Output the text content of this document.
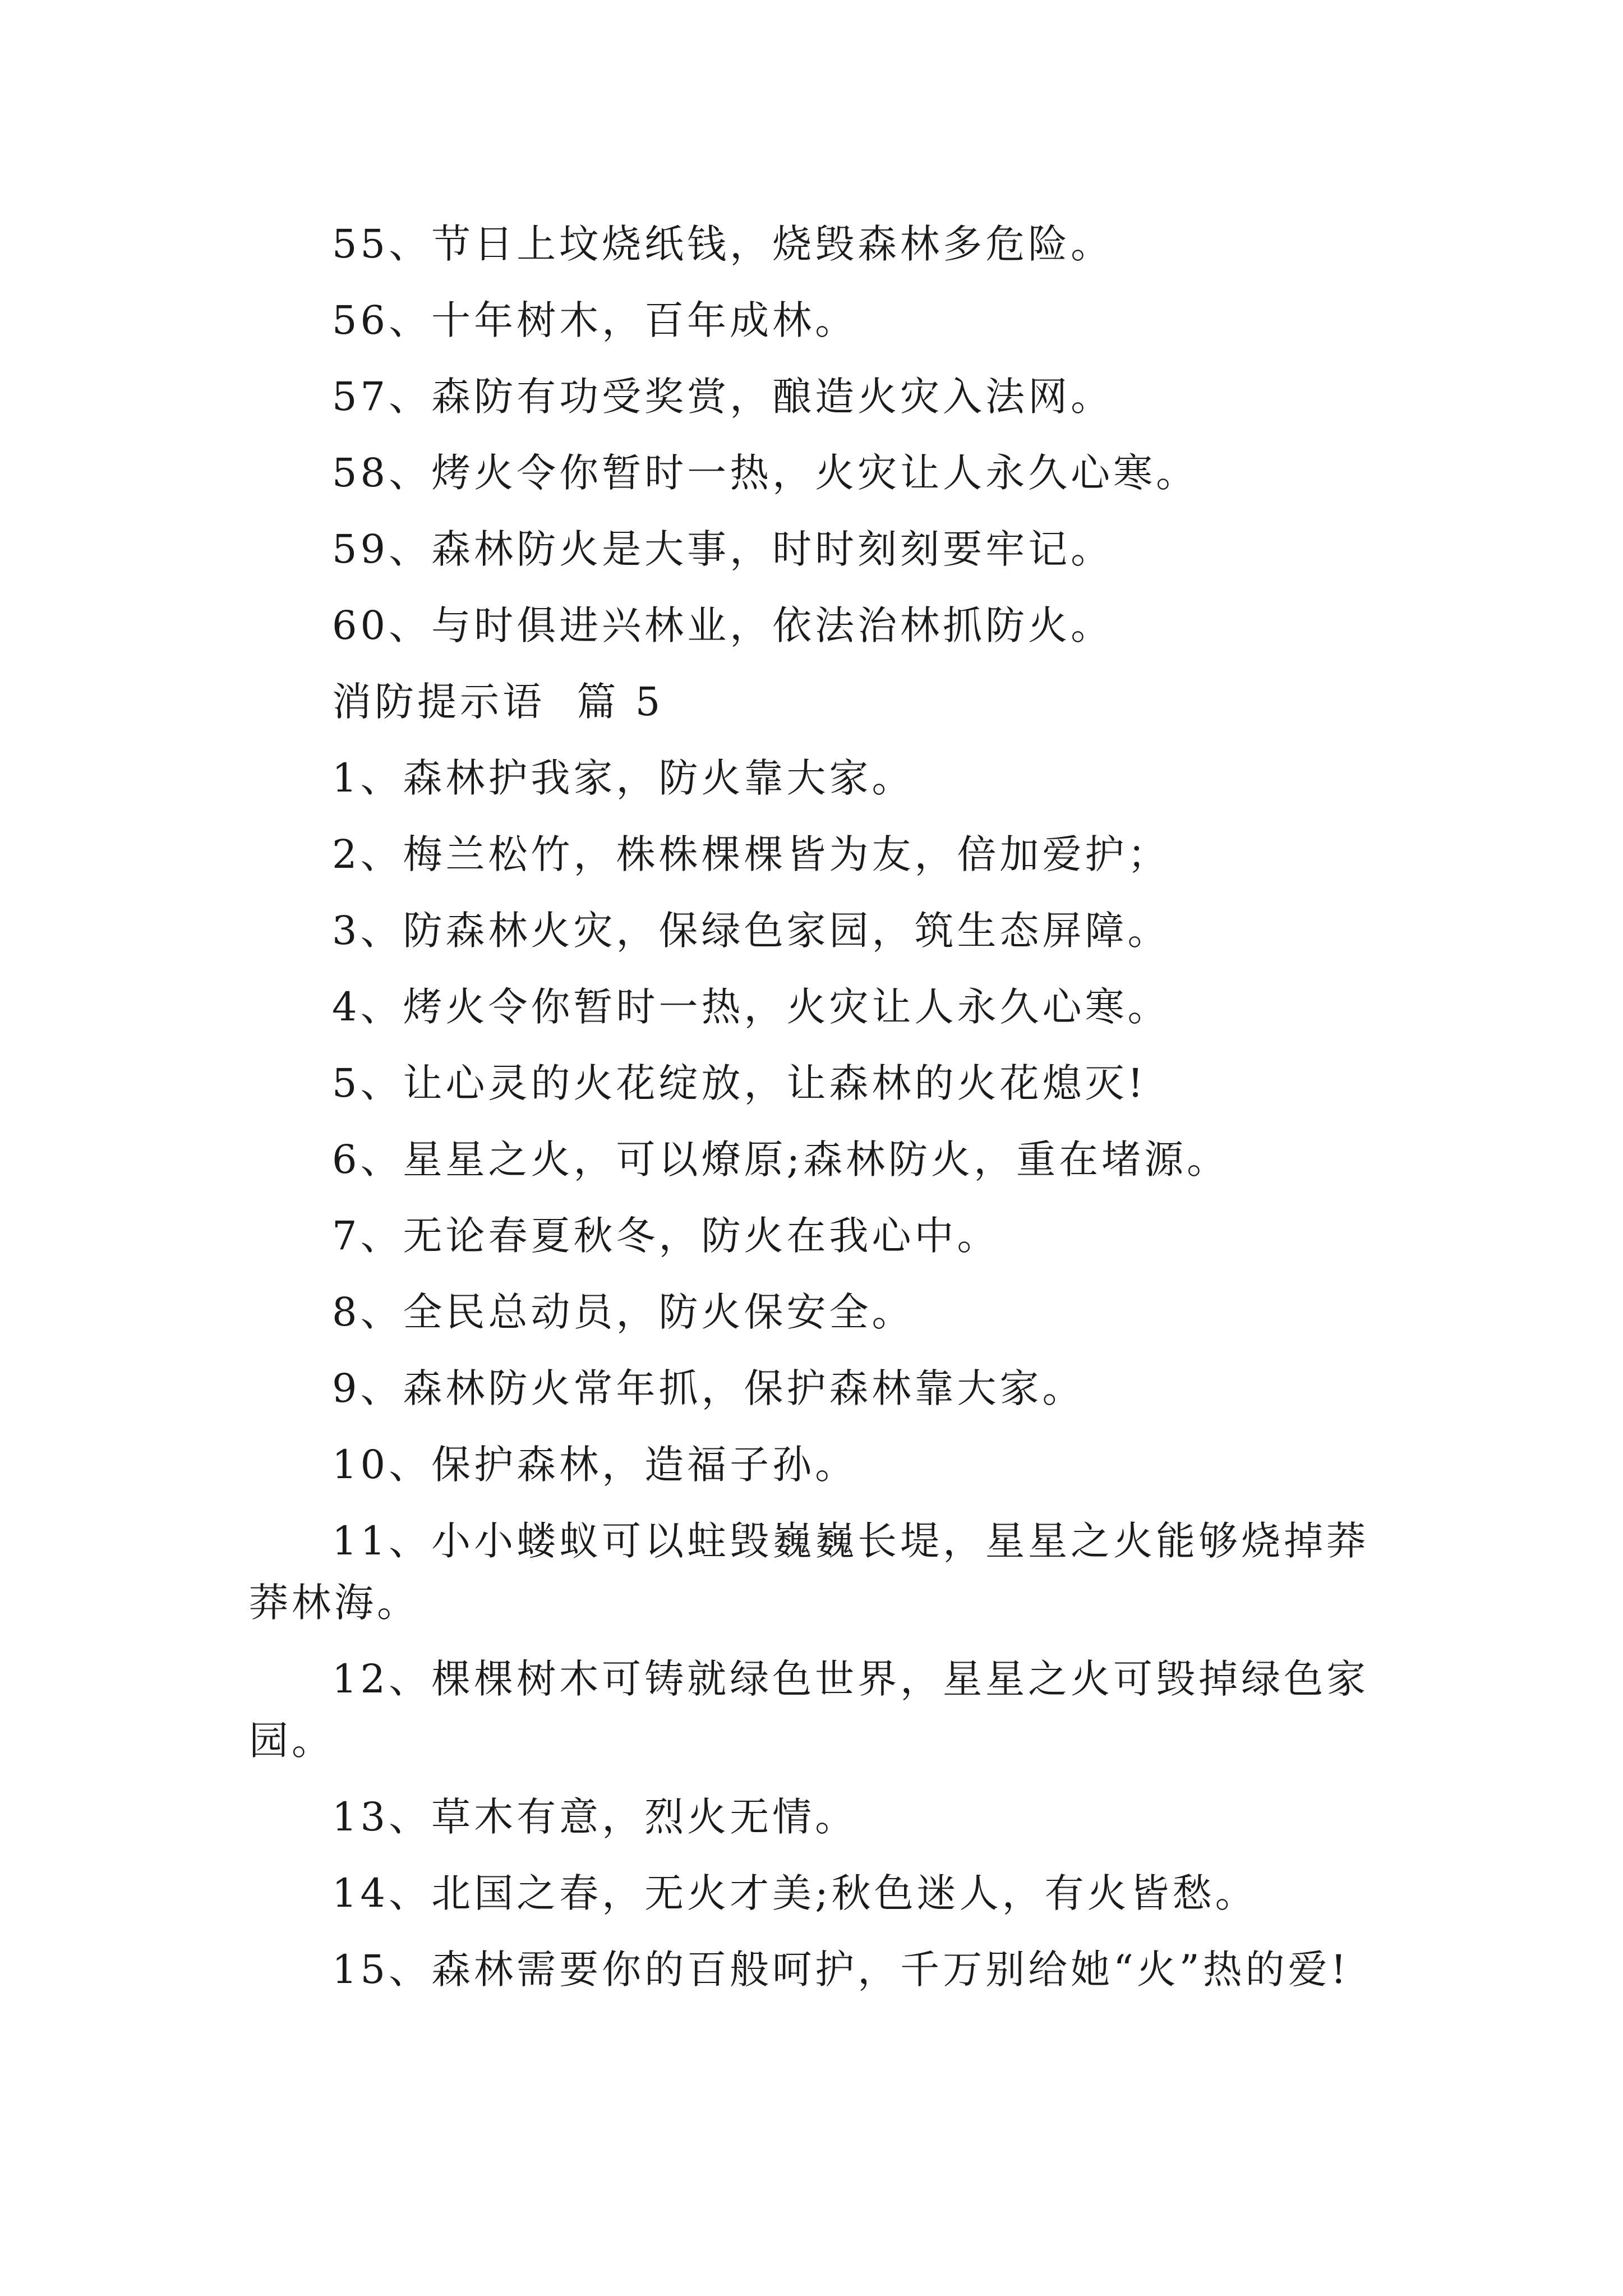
55、节日上坟烧纸钱，烧毁森林多危险。
56、十年树木，百年成林。
57、森防有功受奖赏，酿造火灾入法网。
58、烤火令你暂时一热，火灾让人永久心寒。
59、森林防火是大事，时时刻刻要牢记。
60、与时俱进兴林业，依法治林抓防火。
消防提示语  篇 5
1、森林护我家，防火靠大家。
2、梅兰松竹，株株棵棵皆为友，倍加爱护；
3、防森林火灾，保绿色家园，筑生态屏障。
4、烤火令你暂时一热，火灾让人永久心寒。
5、让心灵的火花绽放，让森林的火花熄灭!
6、星星之火，可以燎原;森林防火，重在堵源。
7、无论春夏秋冬，防火在我心中。
8、全民总动员，防火保安全。
9、森林防火常年抓，保护森林靠大家。
10、保护森林，造福子孙。
11、小小蝼蚁可以蛀毁巍巍长堤，星星之火能够烧掉莽
莽林海。
12、棵棵树木可铸就绿色世界，星星之火可毁掉绿色家
园。
13、草木有意，烈火无情。
14、北国之春，无火才美;秋色迷人，有火皆愁。
15、森林需要你的百般呵护，千万别给她“火”热的爱!
